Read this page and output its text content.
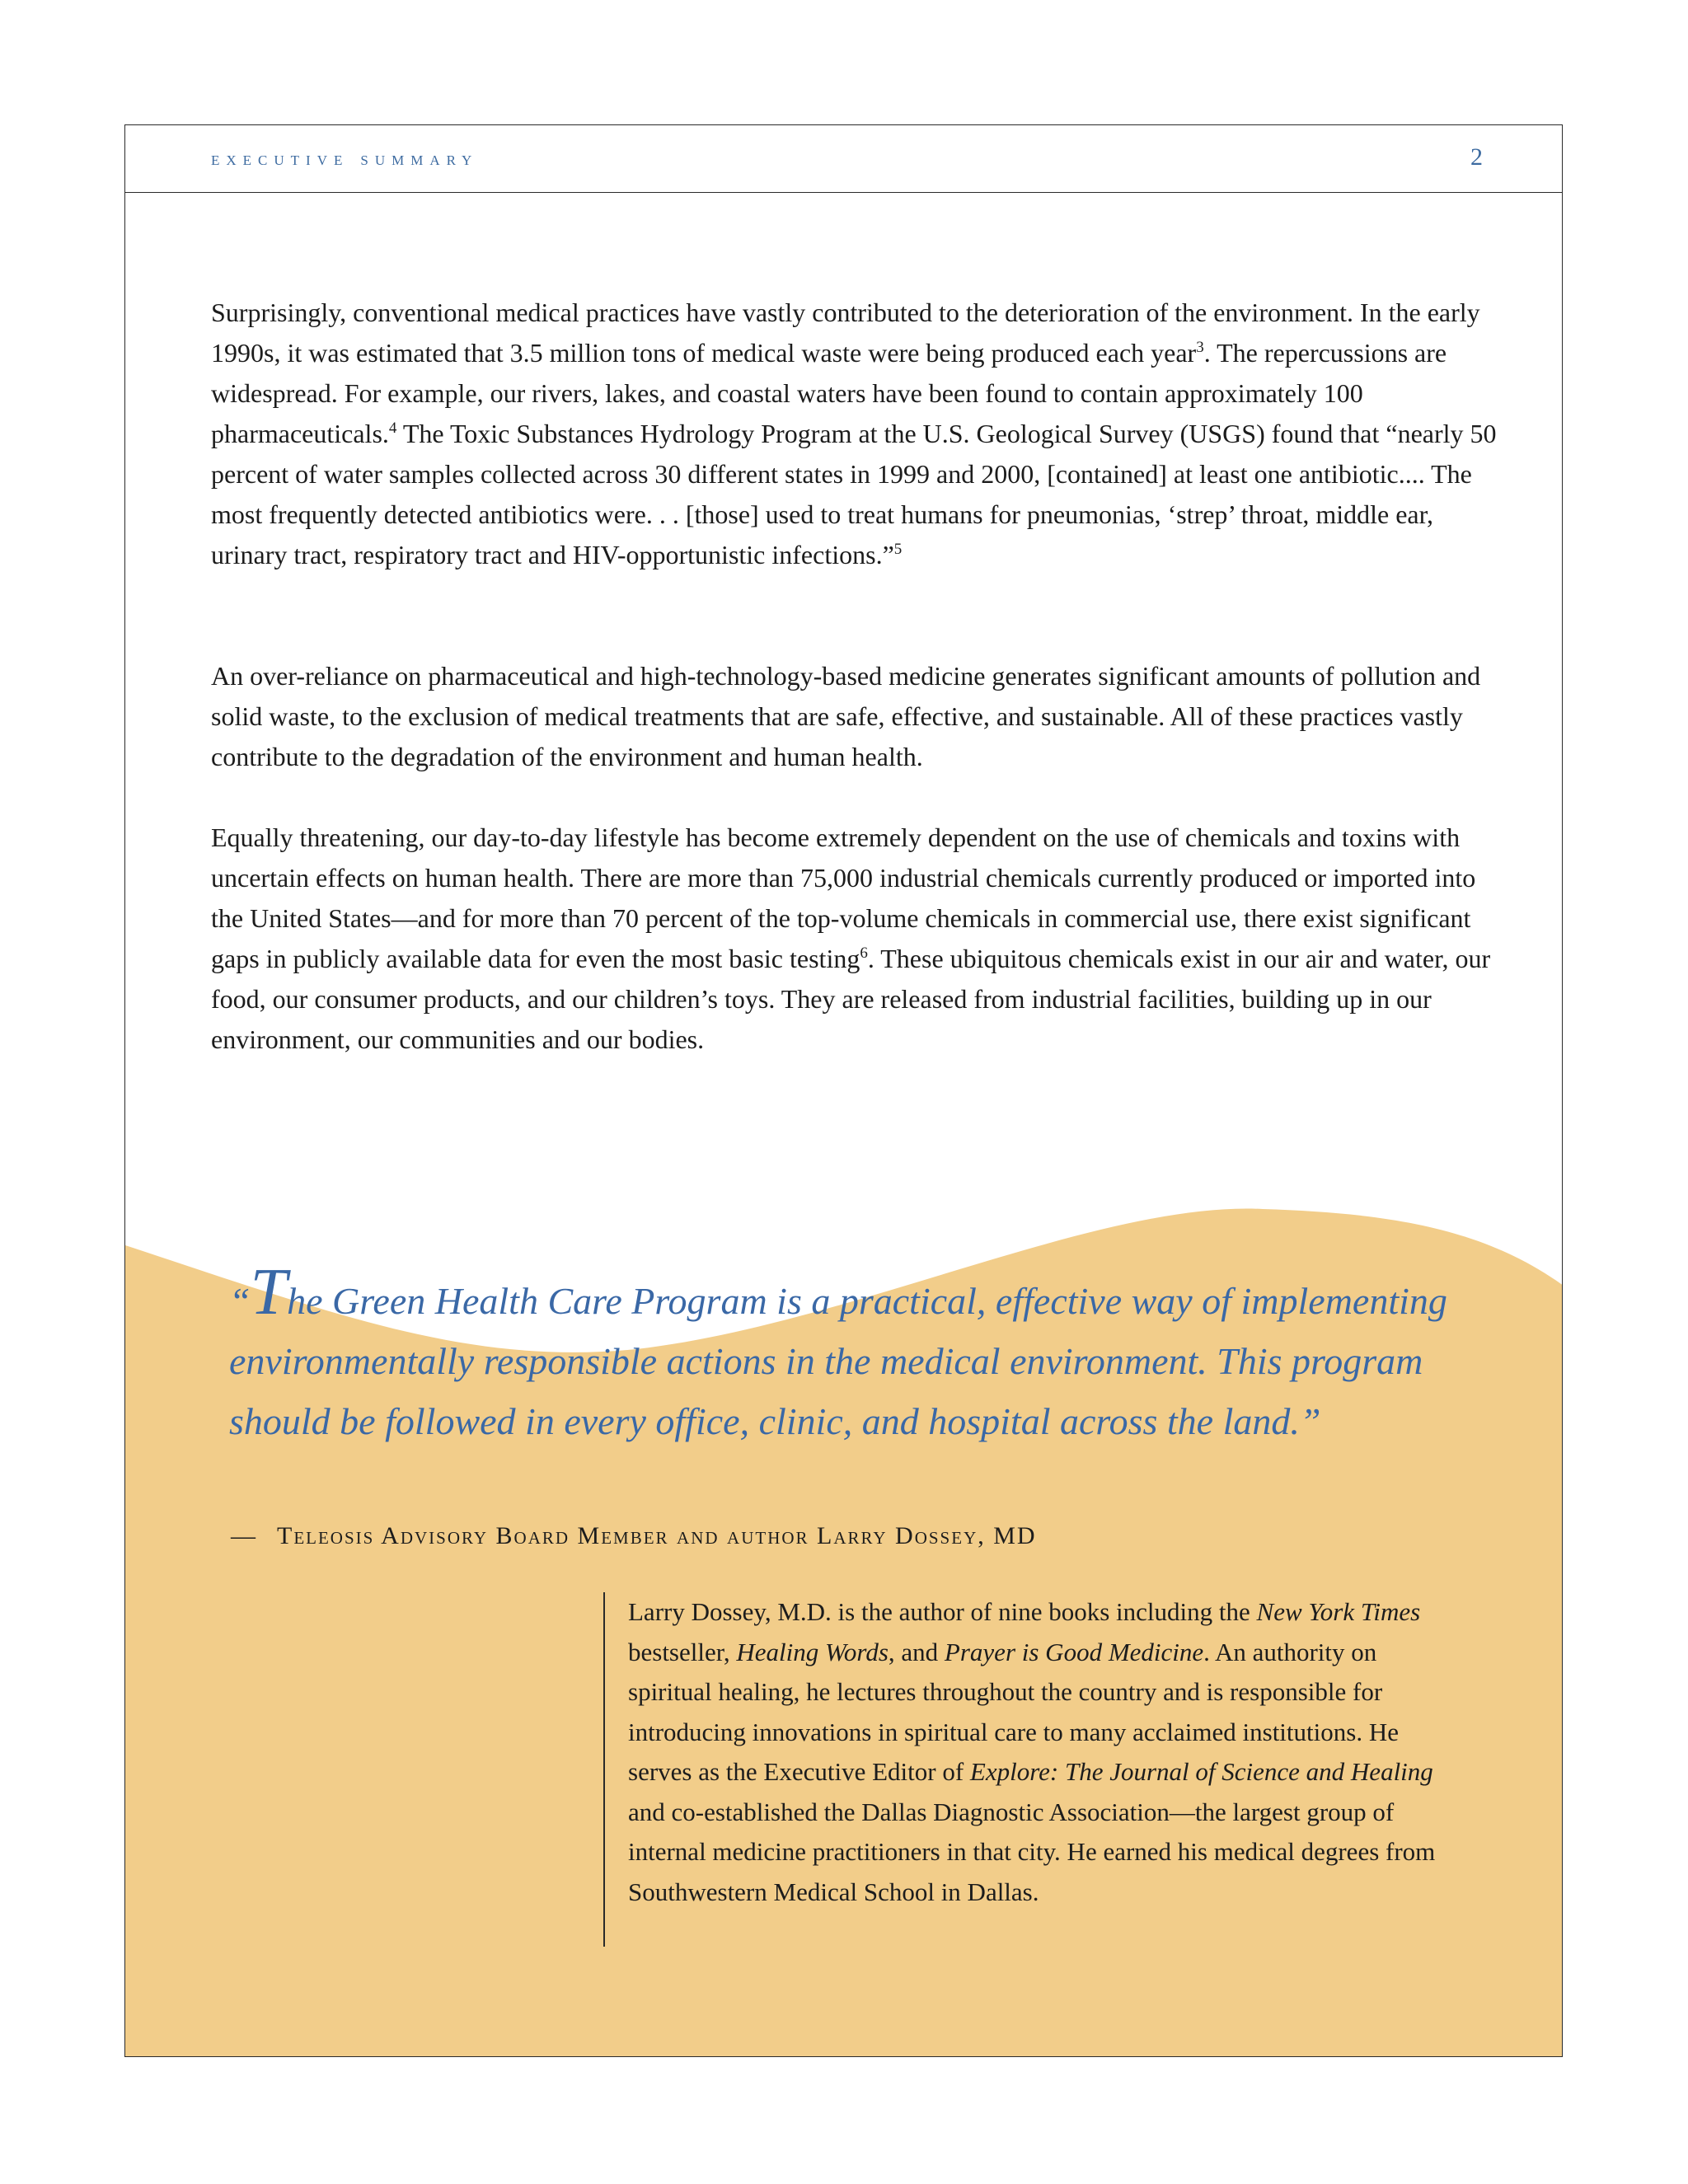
executive summary	2

Surprisingly, conventional medical practices have vastly contributed to the deterioration of the environment. In the early 1990s, it was estimated that 3.5 million tons of medical waste were being produced each year$^3$. The repercussions are widespread. For example, our rivers, lakes, and coastal waters have been found to contain approximately 100 pharmaceuticals.$^4$ The Toxic Substances Hydrology Program at the U.S. Geological Survey (USGS) found that “nearly 50 percent of water samples collected across 30 different states in 1999 and 2000, [contained] at least one antibiotic.... The most frequently detected antibiotics were. . . [those] used to treat humans for pneumonias, ‘strep’ throat, middle ear, urinary tract, respiratory tract and HIV-opportunistic infections.”$^5$

An over-reliance on pharmaceutical and high-technology-based medicine generates significant amounts of pollution and solid waste, to the exclusion of medical treatments that are safe, effective, and sustainable. All of these practices vastly contribute to the degradation of the environment and human health.

Equally threatening, our day-to-day lifestyle has become extremely dependent on the use of chemicals and toxins with uncertain effects on human health. There are more than 75,000 industrial chemicals currently produced or imported into the United States—and for more than 70 percent of the top-volume chemicals in commercial use, there exist significant gaps in publicly available data for even the most basic testing$^6$. These ubiquitous chemicals exist in our air and water, our food, our consumer products, and our children’s toys. They are released from industrial facilities, building up in our environment, our communities and our bodies.

“The Green Health Care Program is a practical, effective way of implementing environmentally responsible actions in the medical environment. This program should be followed in every office, clinic, and hospital across the land.”

— Teleosis Advisory Board Member and author Larry Dossey, MD

Larry Dossey, M.D. is the author of nine books including the New York Times bestseller, Healing Words, and Prayer is Good Medicine. An authority on spiritual healing, he lectures throughout the country and is responsible for introducing innovations in spiritual care to many acclaimed institutions. He serves as the Executive Editor of Explore: The Journal of Science and Healing and co-established the Dallas Diagnostic Association—the largest group of internal medicine practitioners in that city. He earned his medical degrees from Southwestern Medical School in Dallas.
